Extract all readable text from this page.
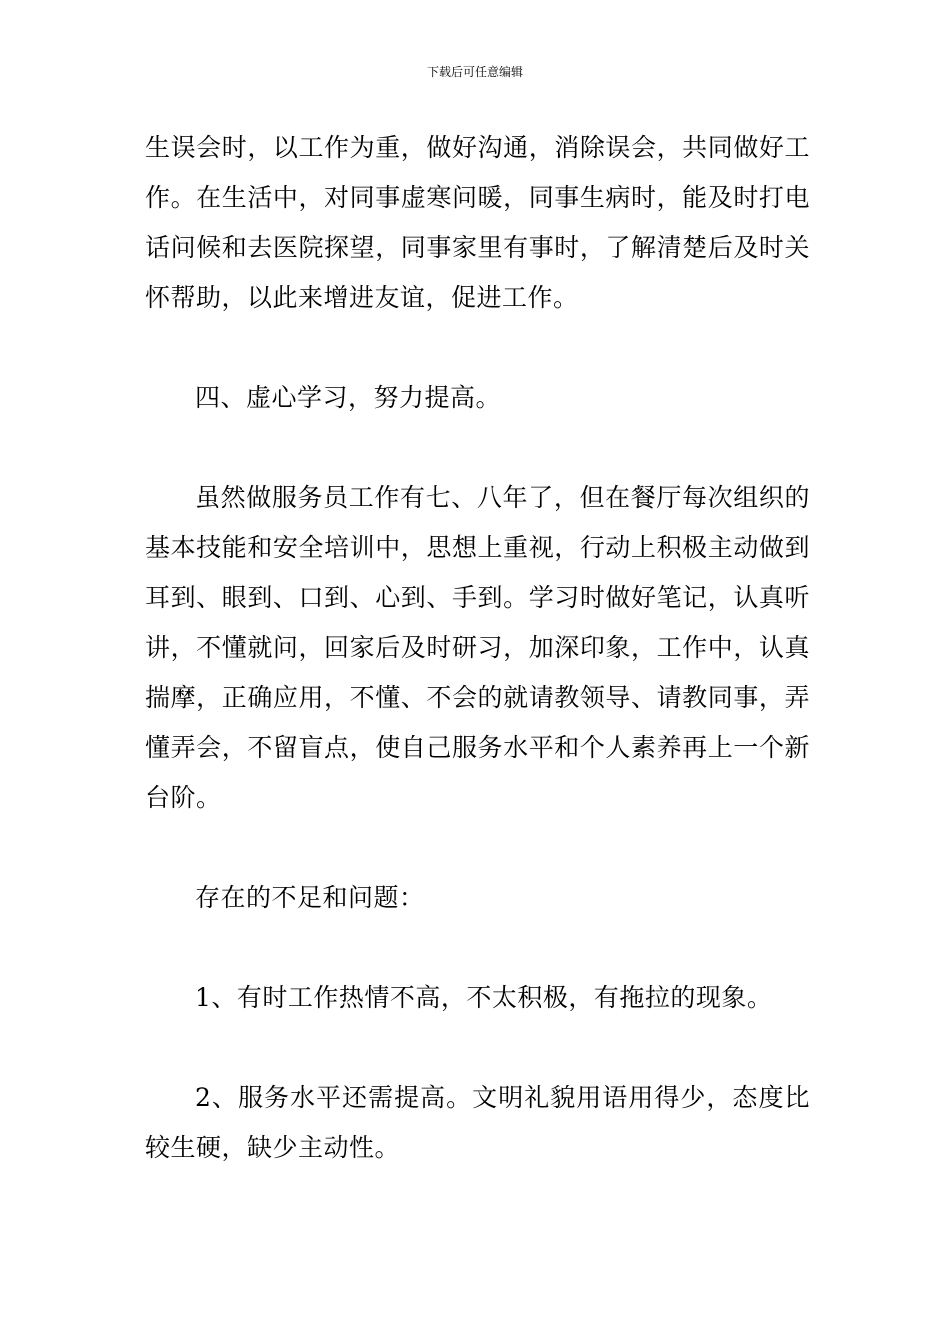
下载后可任意编辑

生误会时，以工作为重，做好沟通，消除误会，共同做好工作。在生活中，对同事虚寒问暖，同事生病时，能及时打电话问候和去医院探望，同事家里有事时，了解清楚后及时关怀帮助，以此来增进友谊，促进工作。

四、虚心学习，努力提高。

虽然做服务员工作有七、八年了，但在餐厅每次组织的基本技能和安全培训中，思想上重视，行动上积极主动做到耳到、眼到、口到、心到、手到。学习时做好笔记，认真听讲，不懂就问，回家后及时研习，加深印象，工作中，认真揣摩，正确应用，不懂、不会的就请教领导、请教同事，弄懂弄会，不留盲点，使自己服务水平和个人素养再上一个新台阶。

存在的不足和问题：

1、有时工作热情不高，不太积极，有拖拉的现象。

2、服务水平还需提高。文明礼貌用语用得少，态度比较生硬，缺少主动性。
